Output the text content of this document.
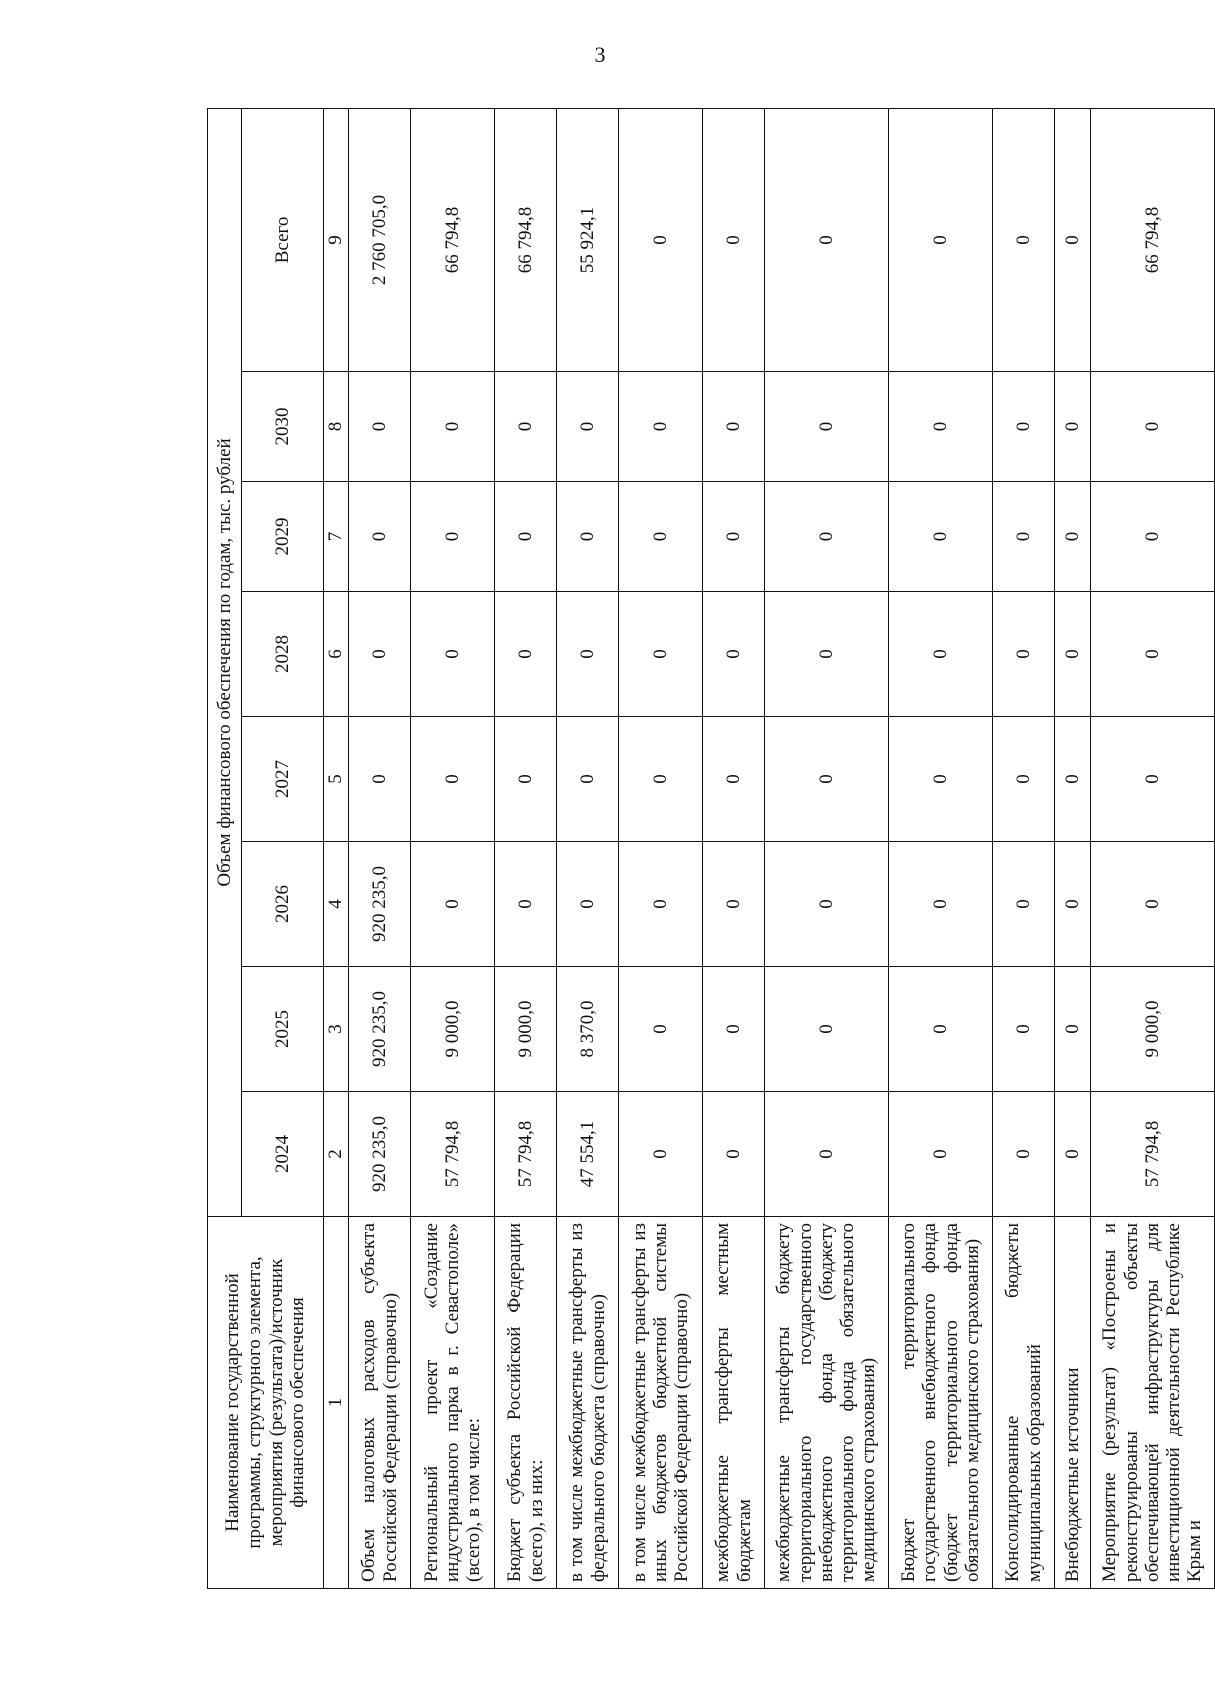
3
Наименование государственной программы, структурного элемента, мероприятия (результата)/источник финансового обеспечения	Объем финансового обеспечения по годам, тыс. рублей							
	2024	2025	2026	2027	2028	2029	2030	Всего
1	2	3	4	5	6	7	8	9
Объем налоговых расходов субъекта Российской Федерации (справочно)	920 235,0	920 235,0	920 235,0	0	0	0	0	2 760 705,0
Региональный проект «Создание индустриального парка в г. Севастополе» (всего), в том числе:	57 794,8	9 000,0	0	0	0	0	0	66 794,8
Бюджет субъекта Российской Федерации (всего), из них:	57 794,8	9 000,0	0	0	0	0	0	66 794,8
в том числе межбюджетные трансферты из федерального бюджета (справочно)	47 554,1	8 370,0	0	0	0	0	0	55 924,1
в том числе межбюджетные трансферты из иных бюджетов бюджетной системы Российской Федерации (справочно)	0	0	0	0	0	0	0	0
межбюджетные трансферты местным бюджетам	0	0	0	0	0	0	0	0
межбюджетные трансферты бюджету территориального государственного внебюджетного фонда (бюджету территориального фонда обязательного медицинского страхования)	0	0	0	0	0	0	0	0
Бюджет территориального государственного внебюджетного фонда (бюджет территориального фонда обязательного медицинского страхования)	0	0	0	0	0	0	0	0
Консолидированные бюджеты муниципальных образований	0	0	0	0	0	0	0	0
Внебюджетные источники	0	0	0	0	0	0	0	0
Мероприятие (результат) «Построены и реконструированы объекты обеспечивающей инфраструктуры для инвестиционной деятельности Республике Крым и	57 794,8	9 000,0	0	0	0	0	0	66 794,8
